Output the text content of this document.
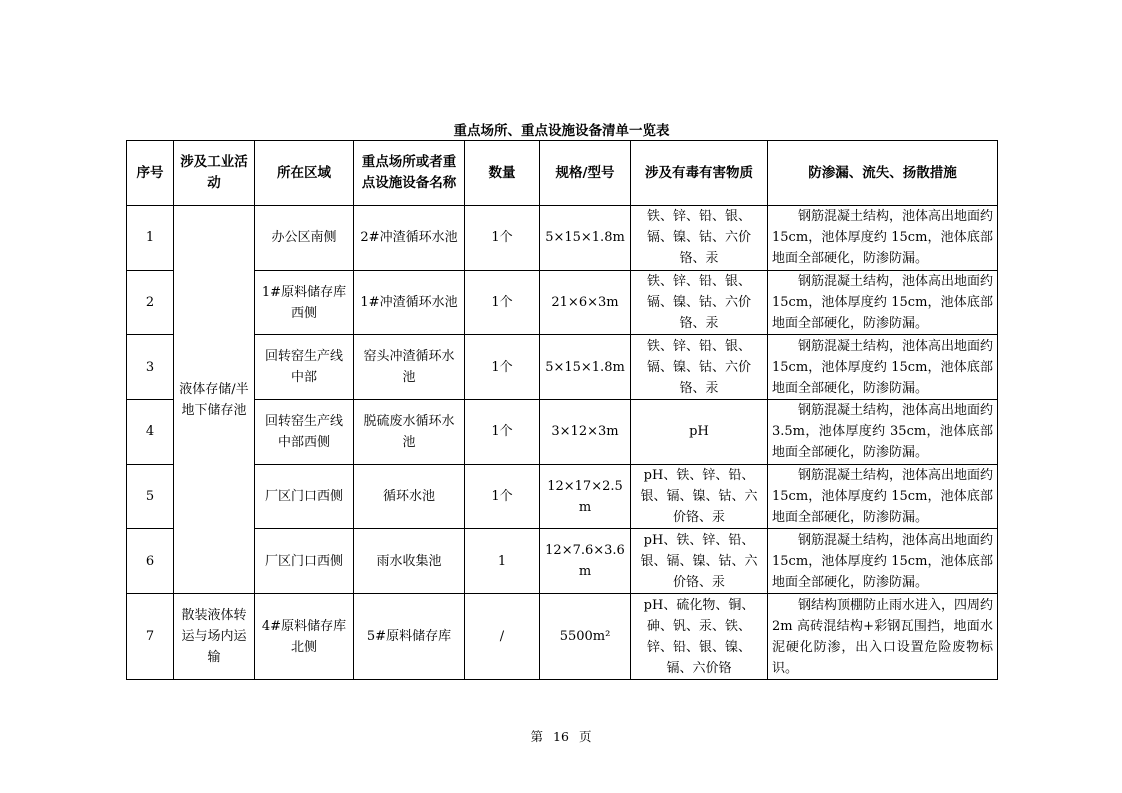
重点场所、重点设施设备清单一览表
序号	涉及工业活动	所在区域	重点场所或者重点设施设备名称	数量	规格/型号	涉及有毒有害物质	防渗漏、流失、扬散措施
1	液体存储/半地下储存池	办公区南侧	2#冲渣循环水池	1个	5×15×1.8m	铁、锌、铅、银、镉、镍、钴、六价铬、汞	钢筋混凝土结构，池体高出地面约 15cm，池体厚度约 15cm，池体底部地面全部硬化，防渗防漏。
2		1#原料储存库西侧	1#冲渣循环水池	1个	21×6×3m	铁、锌、铅、银、镉、镍、钴、六价铬、汞	钢筋混凝土结构，池体高出地面约 15cm，池体厚度约 15cm，池体底部地面全部硬化，防渗防漏。
3		回转窑生产线中部	窑头冲渣循环水池	1个	5×15×1.8m	铁、锌、铅、银、镉、镍、钴、六价铬、汞	钢筋混凝土结构，池体高出地面约 15cm，池体厚度约 15cm，池体底部地面全部硬化，防渗防漏。
4		回转窑生产线中部西侧	脱硫废水循环水池	1个	3×12×3m	pH	钢筋混凝土结构，池体高出地面约 3.5m，池体厚度约 35cm，池体底部地面全部硬化，防渗防漏。
5		厂区门口西侧	循环水池	1个	12×17×2.5m	pH、铁、锌、铅、银、镉、镍、钴、六价铬、汞	钢筋混凝土结构，池体高出地面约 15cm，池体厚度约 15cm，池体底部地面全部硬化，防渗防漏。
6		厂区门口西侧	雨水收集池	1	12×7.6×3.6m	pH、铁、锌、铅、银、镉、镍、钴、六价铬、汞	钢筋混凝土结构，池体高出地面约 15cm，池体厚度约 15cm，池体底部地面全部硬化，防渗防漏。
7	散装液体转运与场内运输	4#原料储存库北侧	5#原料储存库	/	5500m²	pH、硫化物、铜、砷、钒、汞、铁、锌、铅、银、镍、镉、六价铬	钢结构顶棚防止雨水进入，四周约 2m 高砖混结构+彩钢瓦围挡，地面水泥硬化防渗，出入口设置危险废物标识。
第 16 页
